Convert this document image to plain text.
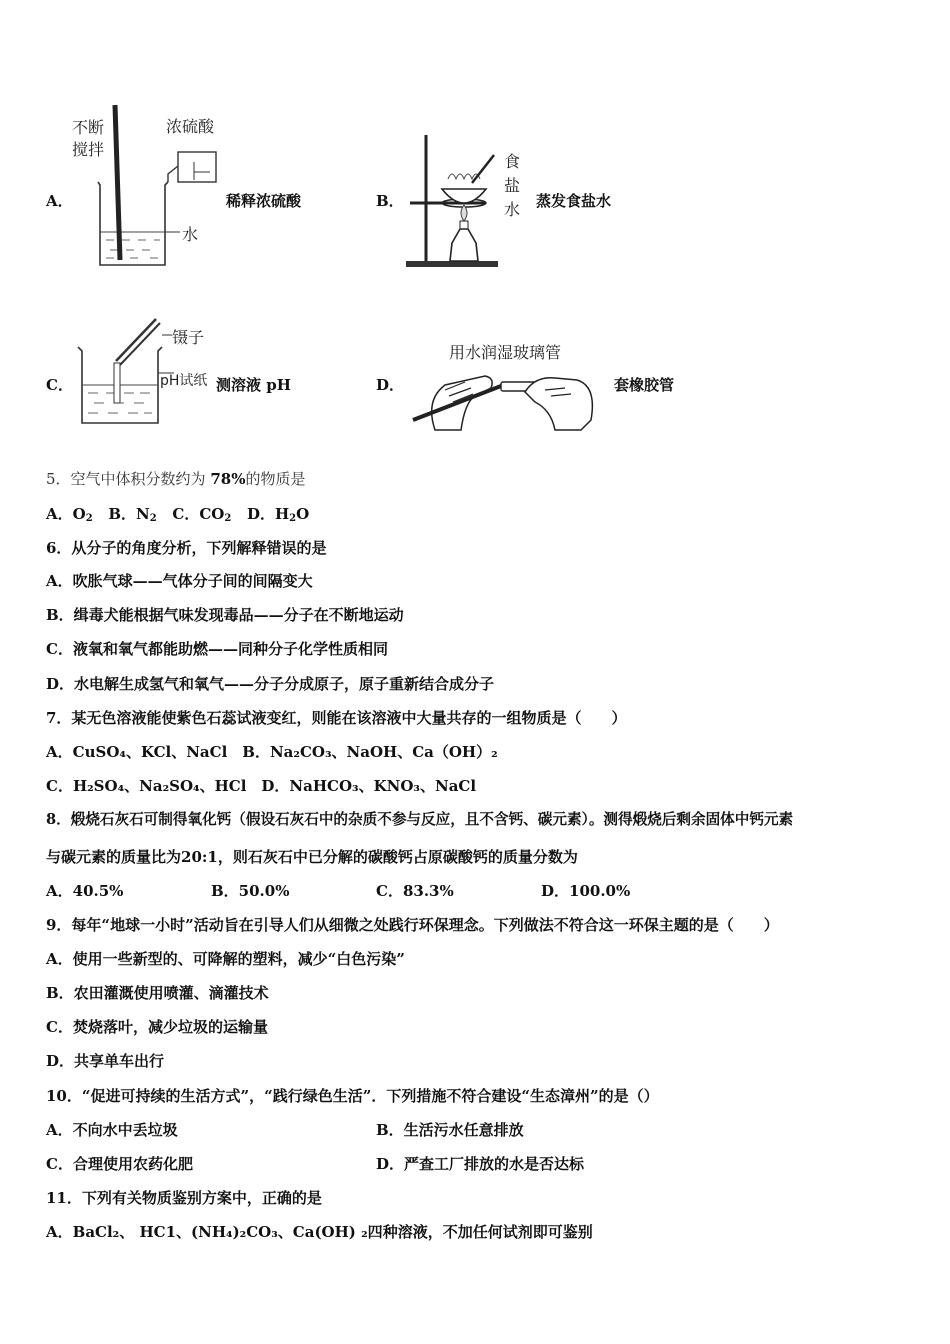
A．
不断
搅拌
浓硫酸
水
稀释浓硫酸	B．
食
盐
水 蒸发食盐水
C．
镊子
pH试纸 测溶液 pH	D．
用水润湿玻璃管
套橡胶管
5．空气中体积分数约为 78%的物质是
A．$O_2$ B．$N_2$ C．$CO_2$ D．$H_2O$
6．从分子的角度分析，下列解释错误的是
A．吹胀气球——气体分子间的间隔变大
B．缉毒犬能根据气味发现毒品——分子在不断地运动
C．液氧和氧气都能助燃——同种分子化学性质相同
D．水电解生成氢气和氧气——分子分成原子，原子重新结合成分子
7．某无色溶液能使紫色石蕊试液变红，则能在该溶液中大量共存的一组物质是（　　）
A．CuSO₄、KCl、NaCl　B．Na₂CO₃、NaOH、Ca（OH）₂
C．H₂SO₄、Na₂SO₄、HCl　D．NaHCO₃、KNO₃、NaCl
8．煅烧石灰石可制得氧化钙（假设石灰石中的杂质不参与反应，且不含钙、碳元素）。测得煅烧后剩余固体中钙元素
与碳元素的质量比为20:1，则石灰石中已分解的碳酸钙占原碳酸钙的质量分数为
A．40.5%	B．50.0%	C．83.3%	D．100.0%
9．每年“地球一小时”活动旨在引导人们从细微之处践行环保理念。下列做法不符合这一环保主题的是（　　）
A．使用一些新型的、可降解的塑料，减少“白色污染”
B．农田灌溉使用喷灌、滴灌技术
C．焚烧落叶，减少垃圾的运输量
D．共享单车出行
10．“促进可持续的生活方式”，“践行绿色生活”．下列措施不符合建设“生态漳州”的是（）
A．不向水中丢垃圾	B．生活污水任意排放
C．合理使用农药化肥	D．严查工厂排放的水是否达标
11．下列有关物质鉴别方案中，正确的是
A．BaCl₂、 HC1、(NH₄)₂CO₃、Ca(OH) ₂四种溶液，不加任何试剂即可鉴别
